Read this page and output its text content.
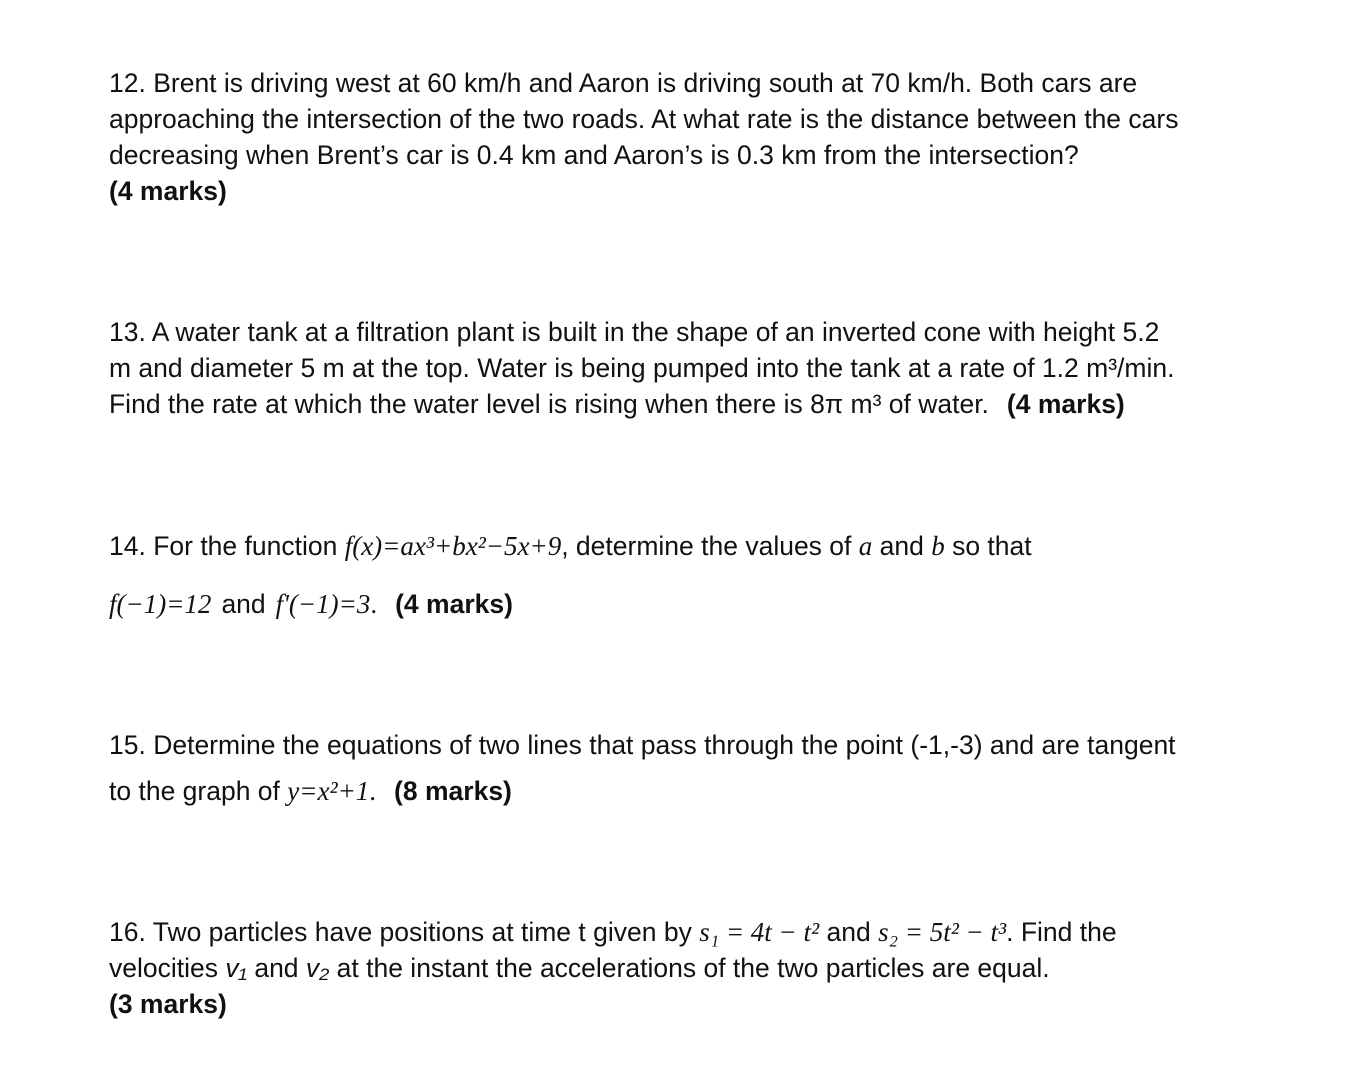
12. Brent is driving west at 60 km/h and Aaron is driving south at 70 km/h. Both cars are
approaching the intersection of the two roads. At what rate is the distance between the cars
decreasing when Brent’s car is 0.4 km and Aaron’s is 0.3 km from the intersection?
(4 marks)
13. A water tank at a filtration plant is built in the shape of an inverted cone with height 5.2
m and diameter 5 m at the top. Water is being pumped into the tank at a rate of 1.2 m³/min.
Find the rate at which the water level is rising when there is 8π m³ of water. (4 marks)
14. For the function f(x)=ax³+bx²−5x+9, determine the values of a and b so that
f(−1)=12 and f'(−1)=3. (4 marks)
15. Determine the equations of two lines that pass through the point (-1,-3) and are tangent
to the graph of y=x²+1. (8 marks)
16. Two particles have positions at time t given by s₁ = 4t − t² and s₂ = 5t² − t³. Find the
velocities v₁ and v₂ at the instant the accelerations of the two particles are equal.
(3 marks)
